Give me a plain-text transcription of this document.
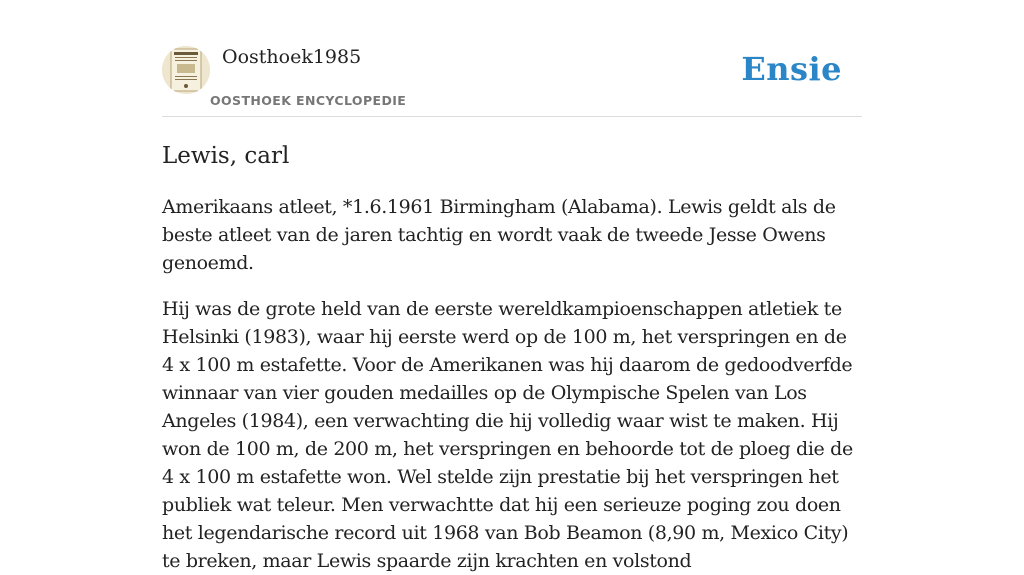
Oosthoek1985
OOSTHOEK ENCYCLOPEDIE
Ensie
Lewis, carl

Amerikaans atleet, *1.6.1961 Birmingham (Alabama). Lewis geldt als de beste atleet van de jaren tachtig en wordt vaak de tweede Jesse Owens genoemd.

Hij was de grote held van de eerste wereldkampioenschappen atletiek te Helsinki (1983), waar hij eerste werd op de 100 m, het verspringen en de 4 x 100 m estafette. Voor de Amerikanen was hij daarom de gedoodverfde winnaar van vier gouden medailles op de Olympische Spelen van Los Angeles (1984), een verwachting die hij volledig waar wist te maken. Hij won de 100 m, de 200 m, het verspringen en behoorde tot de ploeg die de 4 x 100 m estafette won. Wel stelde zijn prestatie bij het verspringen het publiek wat teleur. Men verwachtte dat hij een serieuze poging zou doen het legendarische record uit 1968 van Bob Beamon (8,90 m, Mexico City) te breken, maar Lewis spaarde zijn krachten en volstond
